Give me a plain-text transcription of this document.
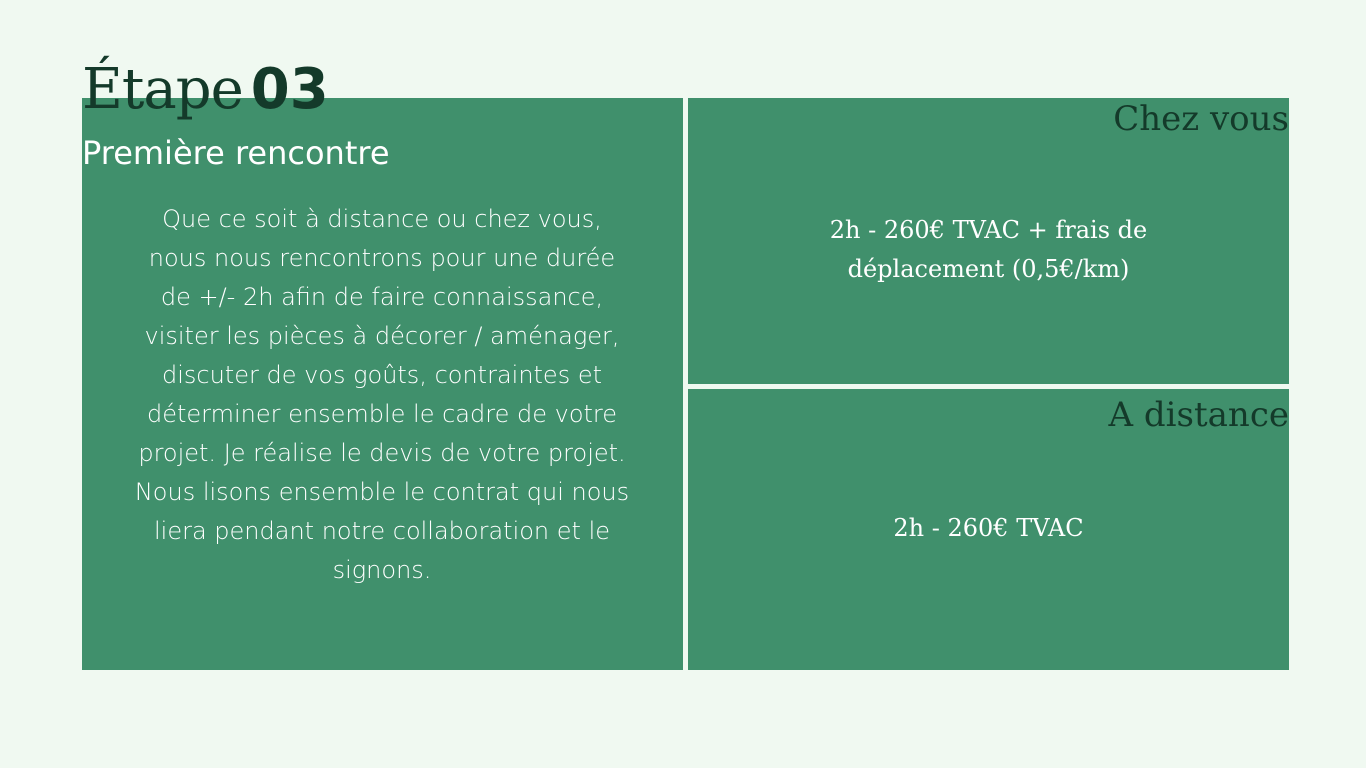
Étape 03
Première rencontre
Que ce soit à distance ou chez vous, nous nous rencontrons pour une durée de +/- 2h afin de faire connaissance, visiter les pièces à décorer / aménager, discuter de vos goûts, contraintes et déterminer ensemble le cadre de votre projet. Je réalise le devis de votre projet. Nous lisons ensemble le contrat qui nous liera pendant notre collaboration et le signons.
Chez vous
2h - 260€ TVAC + frais de déplacement (0,5€/km)
A distance
2h - 260€ TVAC
